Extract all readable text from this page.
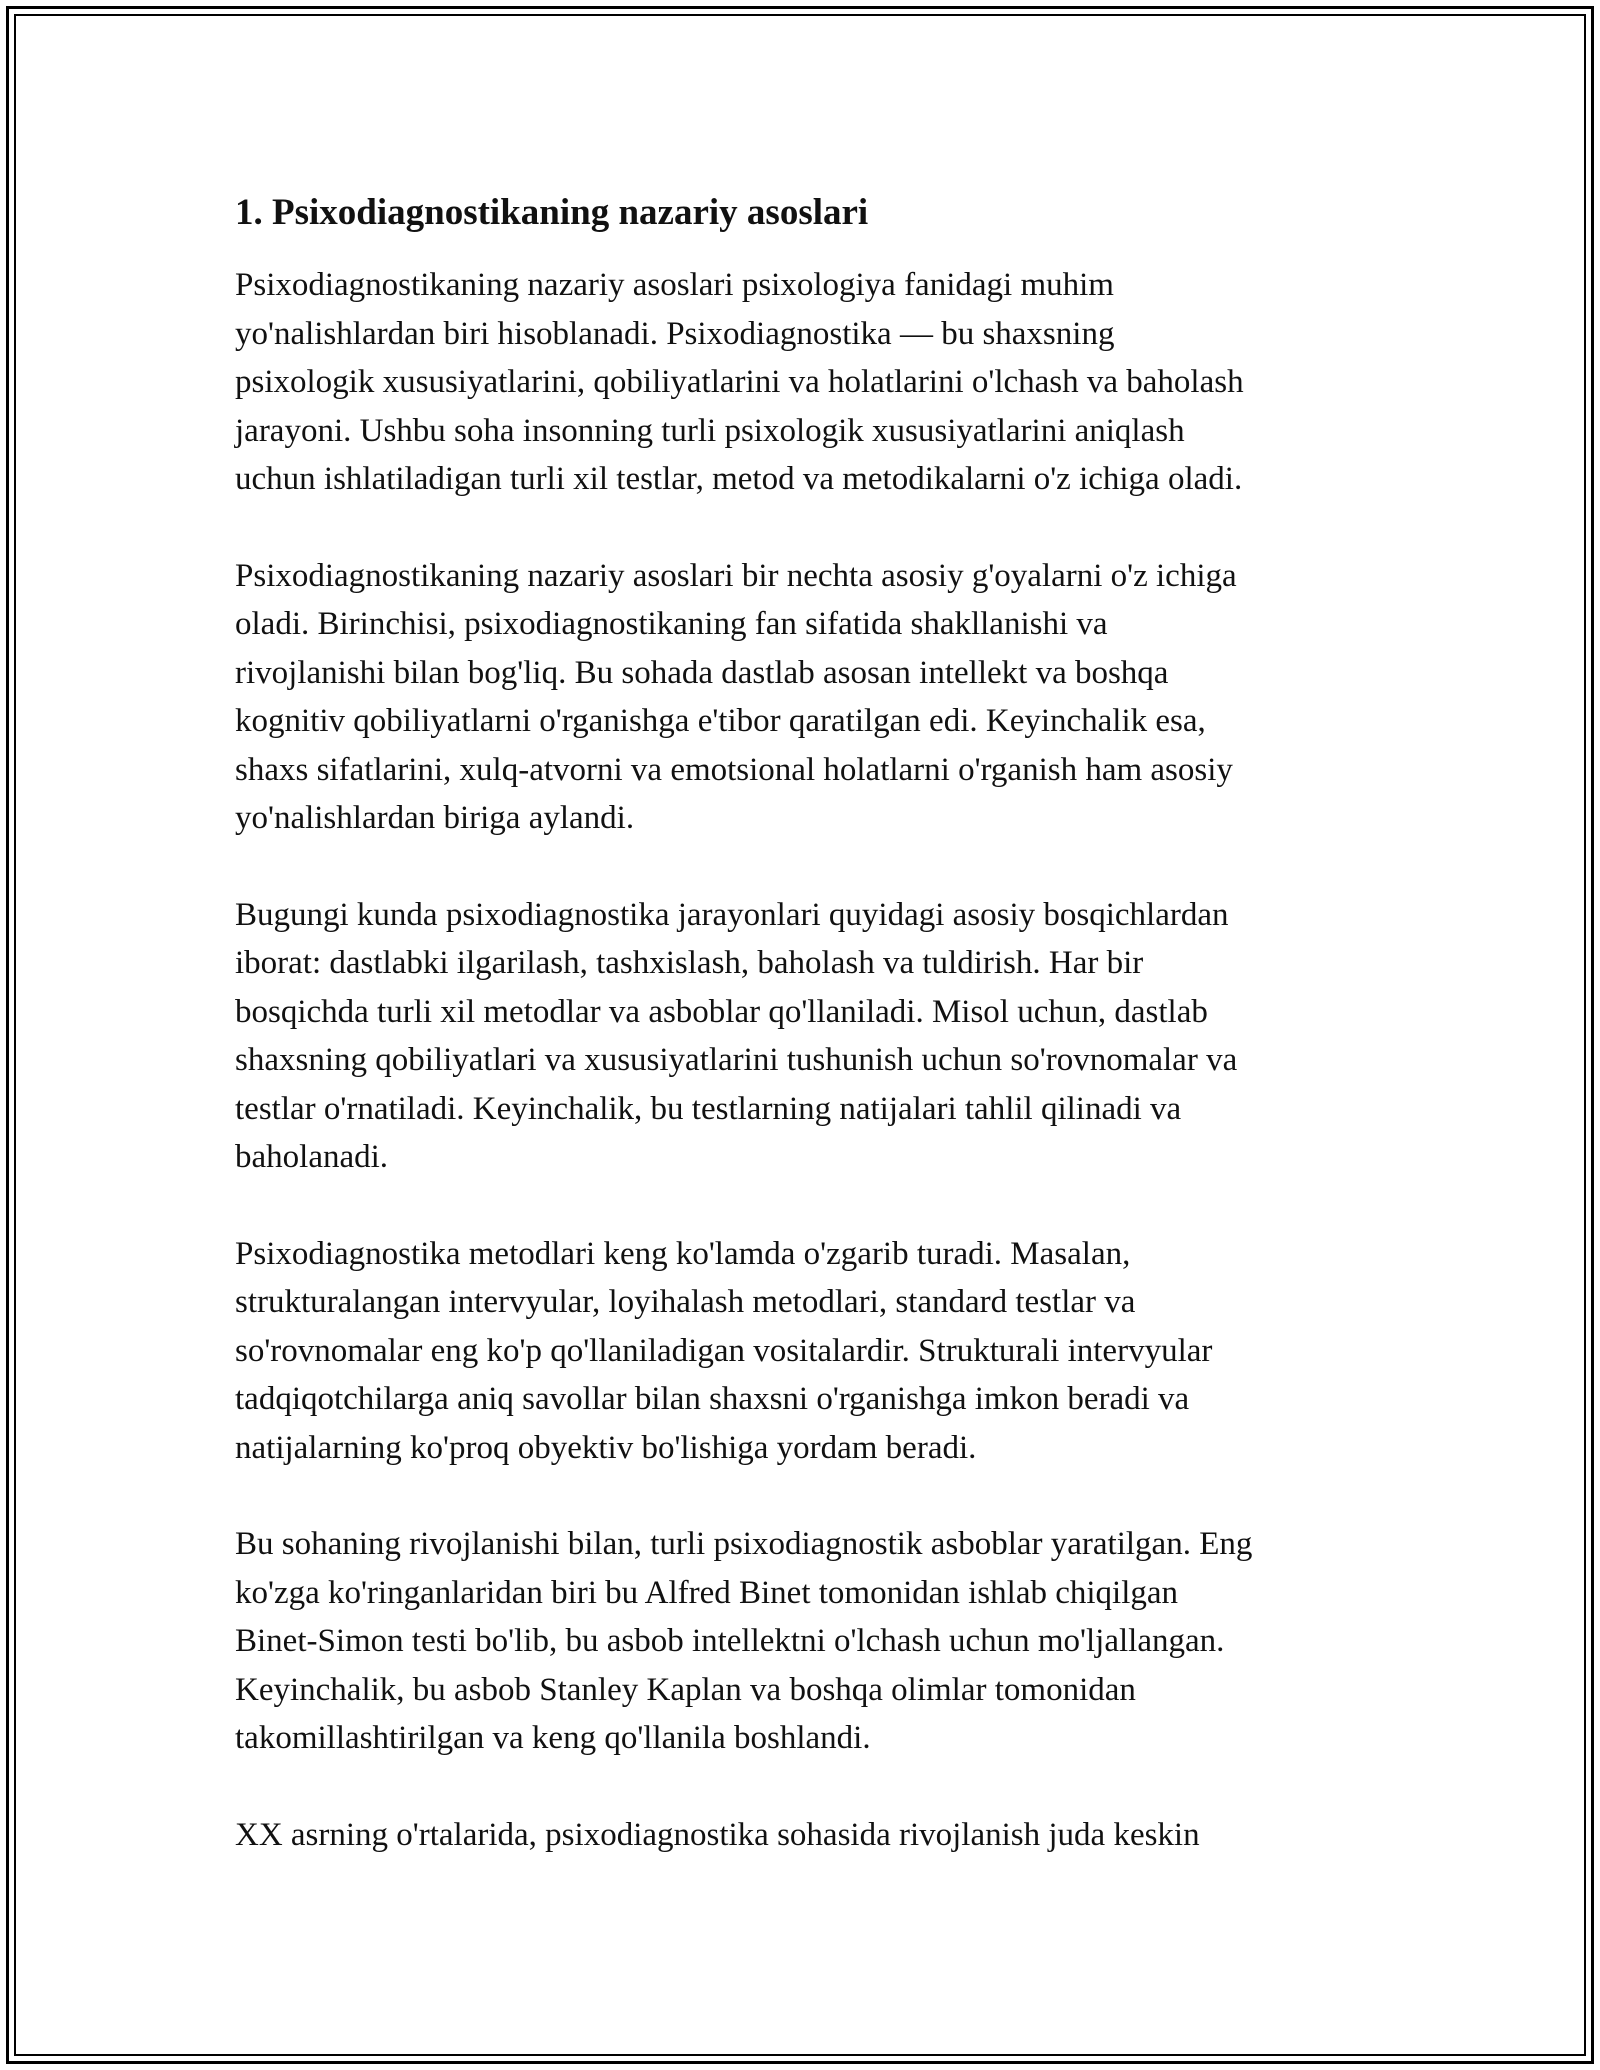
1. Psixodiagnostikaning nazariy asoslari

Psixodiagnostikaning nazariy asoslari psixologiya fanidagi muhim
yo'nalishlardan biri hisoblanadi. Psixodiagnostika — bu shaxsning
psixologik xususiyatlarini, qobiliyatlarini va holatlarini o'lchash va baholash
jarayoni. Ushbu soha insonning turli psixologik xususiyatlarini aniqlash
uchun ishlatiladigan turli xil testlar, metod va metodikalarni o'z ichiga oladi.

Psixodiagnostikaning nazariy asoslari bir nechta asosiy g'oyalarni o'z ichiga
oladi. Birinchisi, psixodiagnostikaning fan sifatida shakllanishi va
rivojlanishi bilan bog'liq. Bu sohada dastlab asosan intellekt va boshqa
kognitiv qobiliyatlarni o'rganishga e'tibor qaratilgan edi. Keyinchalik esa,
shaxs sifatlarini, xulq-atvorni va emotsional holatlarni o'rganish ham asosiy
yo'nalishlardan biriga aylandi.

Bugungi kunda psixodiagnostika jarayonlari quyidagi asosiy bosqichlardan
iborat: dastlabki ilgarilash, tashxislash, baholash va tuldirish. Har bir
bosqichda turli xil metodlar va asboblar qo'llaniladi. Misol uchun, dastlab
shaxsning qobiliyatlari va xususiyatlarini tushunish uchun so'rovnomalar va
testlar o'rnatiladi. Keyinchalik, bu testlarning natijalari tahlil qilinadi va
baholanadi.

Psixodiagnostika metodlari keng ko'lamda o'zgarib turadi. Masalan,
strukturalangan intervyular, loyihalash metodlari, standard testlar va
so'rovnomalar eng ko'p qo'llaniladigan vositalardir. Strukturali intervyular
tadqiqotchilarga aniq savollar bilan shaxsni o'rganishga imkon beradi va
natijalarning ko'proq obyektiv bo'lishiga yordam beradi.

Bu sohaning rivojlanishi bilan, turli psixodiagnostik asboblar yaratilgan. Eng
ko'zga ko'ringanlaridan biri bu Alfred Binet tomonidan ishlab chiqilgan
Binet-Simon testi bo'lib, bu asbob intellektni o'lchash uchun mo'ljallangan.
Keyinchalik, bu asbob Stanley Kaplan va boshqa olimlar tomonidan
takomillashtirilgan va keng qo'llanila boshlandi.

XX asrning o'rtalarida, psixodiagnostika sohasida rivojlanish juda keskin
